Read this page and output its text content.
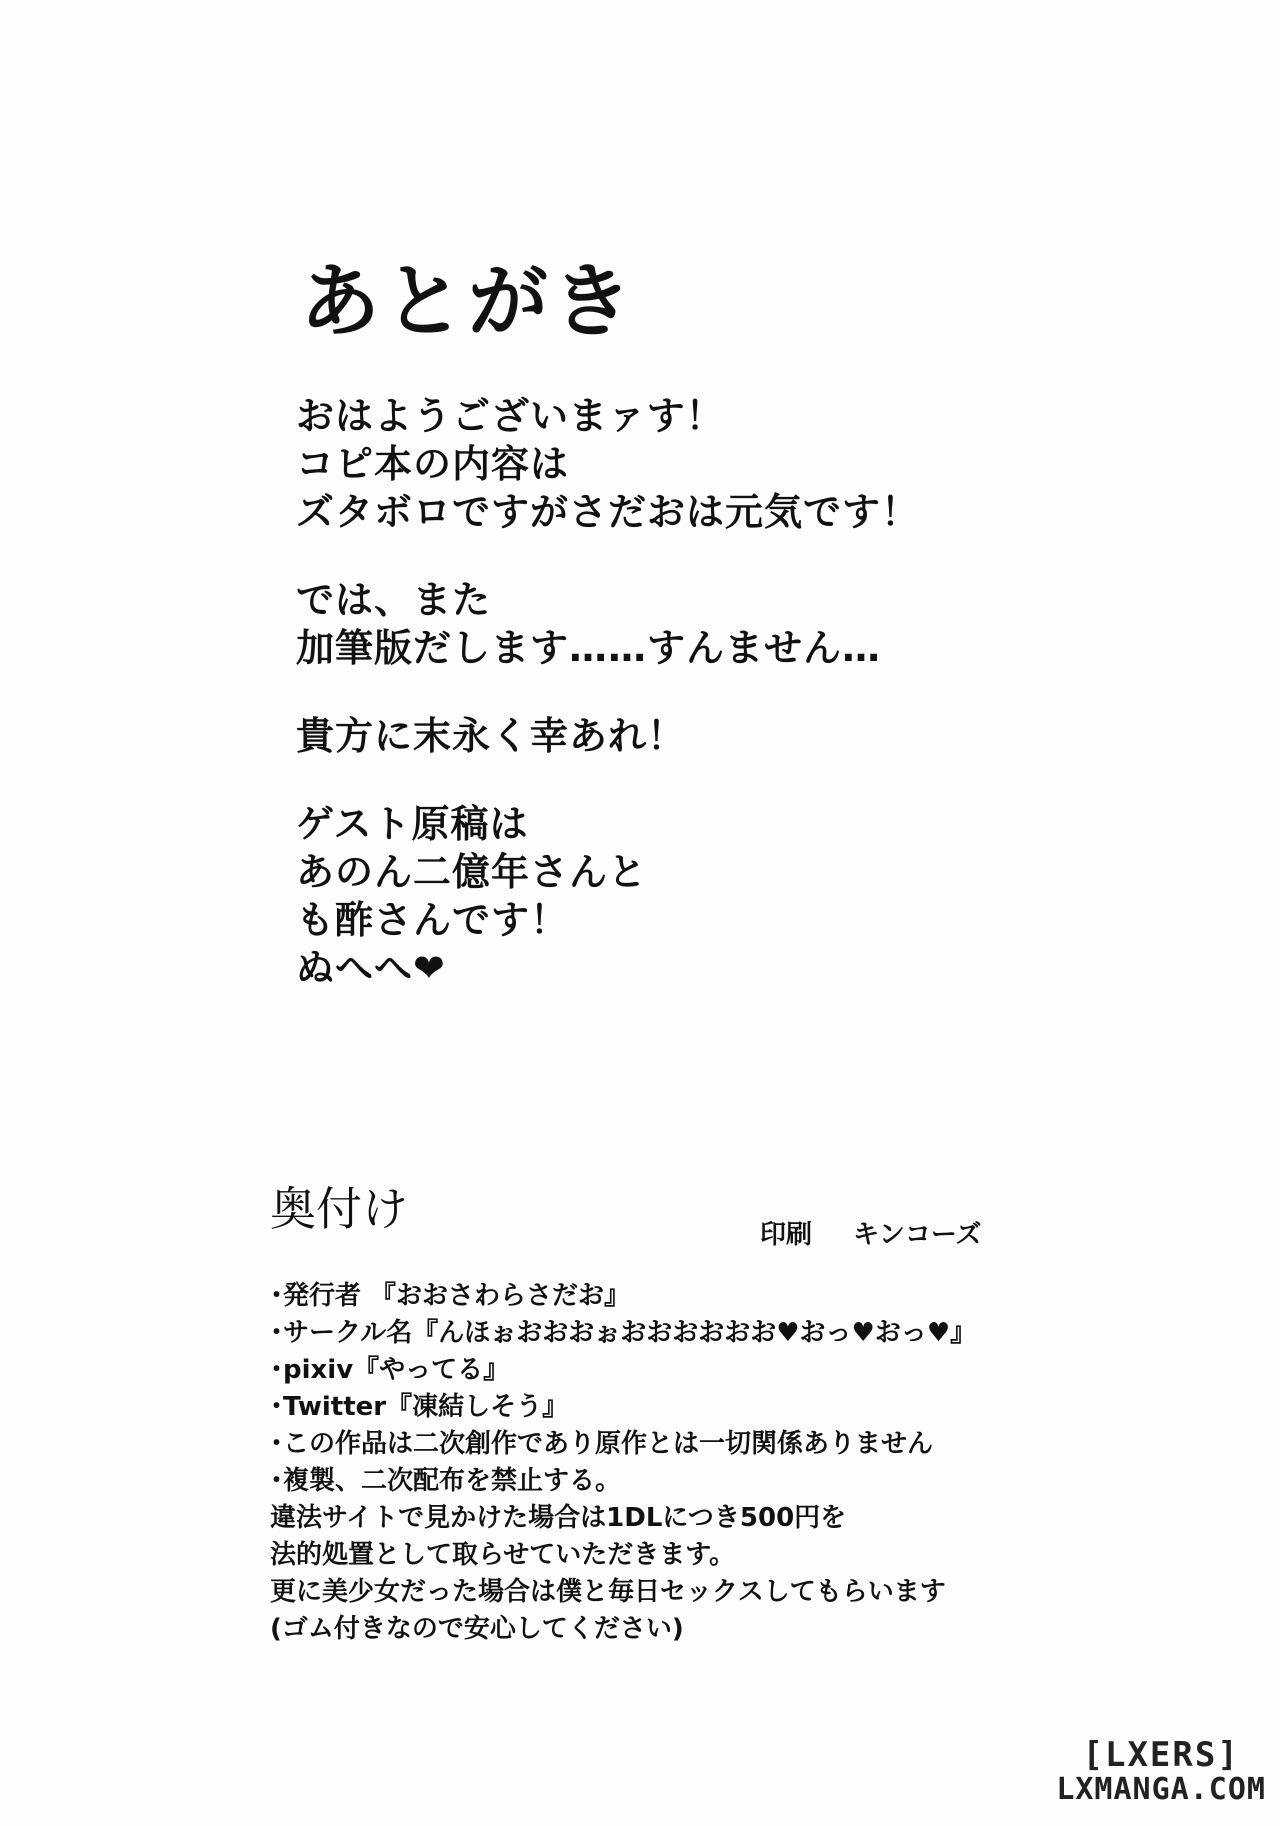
あとがき
おはようございまァす！
コピ本の内容は
ズタボロですがさだおは元気です！
では、また
加筆版だします……すんません…
貴方に末永く幸あれ！
ゲスト原稿は
あのん二億年さんと
も酢さんです！
ぬへへ❤
奥付け	印刷 キンコーズ
･発行者 『おおさわらさだお』
･サークル名『んほぉおおおぉおおおおおお♥おっ♥おっ♥』
･pixiv『やってる』
･Twitter『凍結しそう』
･この作品は二次創作であり原作とは一切関係ありません
･複製、二次配布を禁止する。
違法サイトで見かけた場合は1DLにつき500円を
法的処置として取らせていただきます。
更に美少女だった場合は僕と毎日セックスしてもらいます
(ゴム付きなので安心してください)
[LXERS]
LXMANGA.COM
